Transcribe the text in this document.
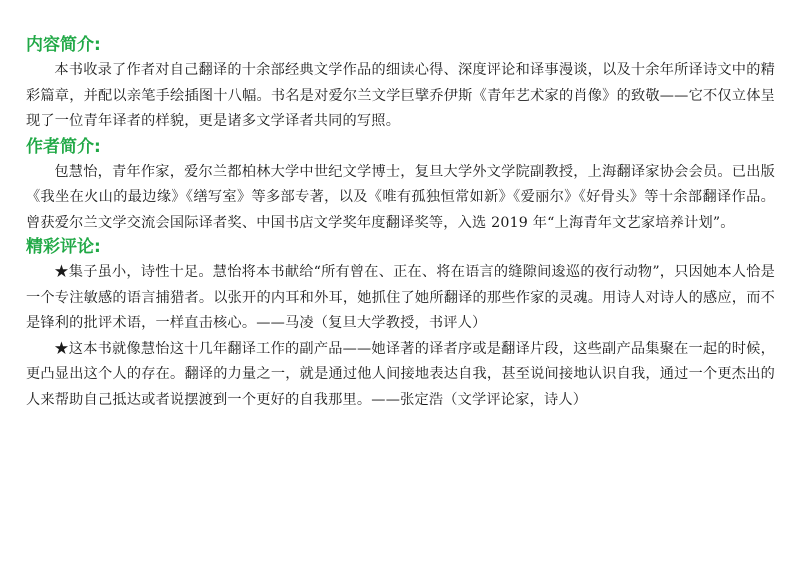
内容简介:

本书收录了作者对自己翻译的十余部经典文学作品的细读心得、深度评论和译事漫谈，以及十余年所译诗文中的精彩篇章，并配以亲笔手绘插图十八幅。书名是对爱尔兰文学巨擘乔伊斯《青年艺术家的肖像》的致敬——它不仅立体呈现了一位青年译者的样貌，更是诸多文学译者共同的写照。

作者简介:

包慧怡，青年作家，爱尔兰都柏林大学中世纪文学博士，复旦大学外文学院副教授，上海翻译家协会会员。已出版《我坐在火山的最边缘》《缮写室》等多部专著，以及《唯有孤独恒常如新》《爱丽尔》《好骨头》等十余部翻译作品。曾获爱尔兰文学交流会国际译者奖、中国书店文学奖年度翻译奖等，入选 2019 年“上海青年文艺家培养计划”。

精彩评论:

★集子虽小，诗性十足。慧怡将本书献给“所有曾在、正在、将在语言的缝隙间逡巡的夜行动物”，只因她本人恰是一个专注敏感的语言捕猎者。以张开的内耳和外耳，她抓住了她所翻译的那些作家的灵魂。用诗人对诗人的感应，而不是锋利的批评术语，一样直击核心。——马凌（复旦大学教授，书评人）

★这本书就像慧怡这十几年翻译工作的副产品——她译著的译者序或是翻译片段，这些副产品集聚在一起的时候，更凸显出这个人的存在。翻译的力量之一，就是通过他人间接地表达自我，甚至说间接地认识自我，通过一个更杰出的人来帮助自己抵达或者说摆渡到一个更好的自我那里。——张定浩（文学评论家，诗人）
